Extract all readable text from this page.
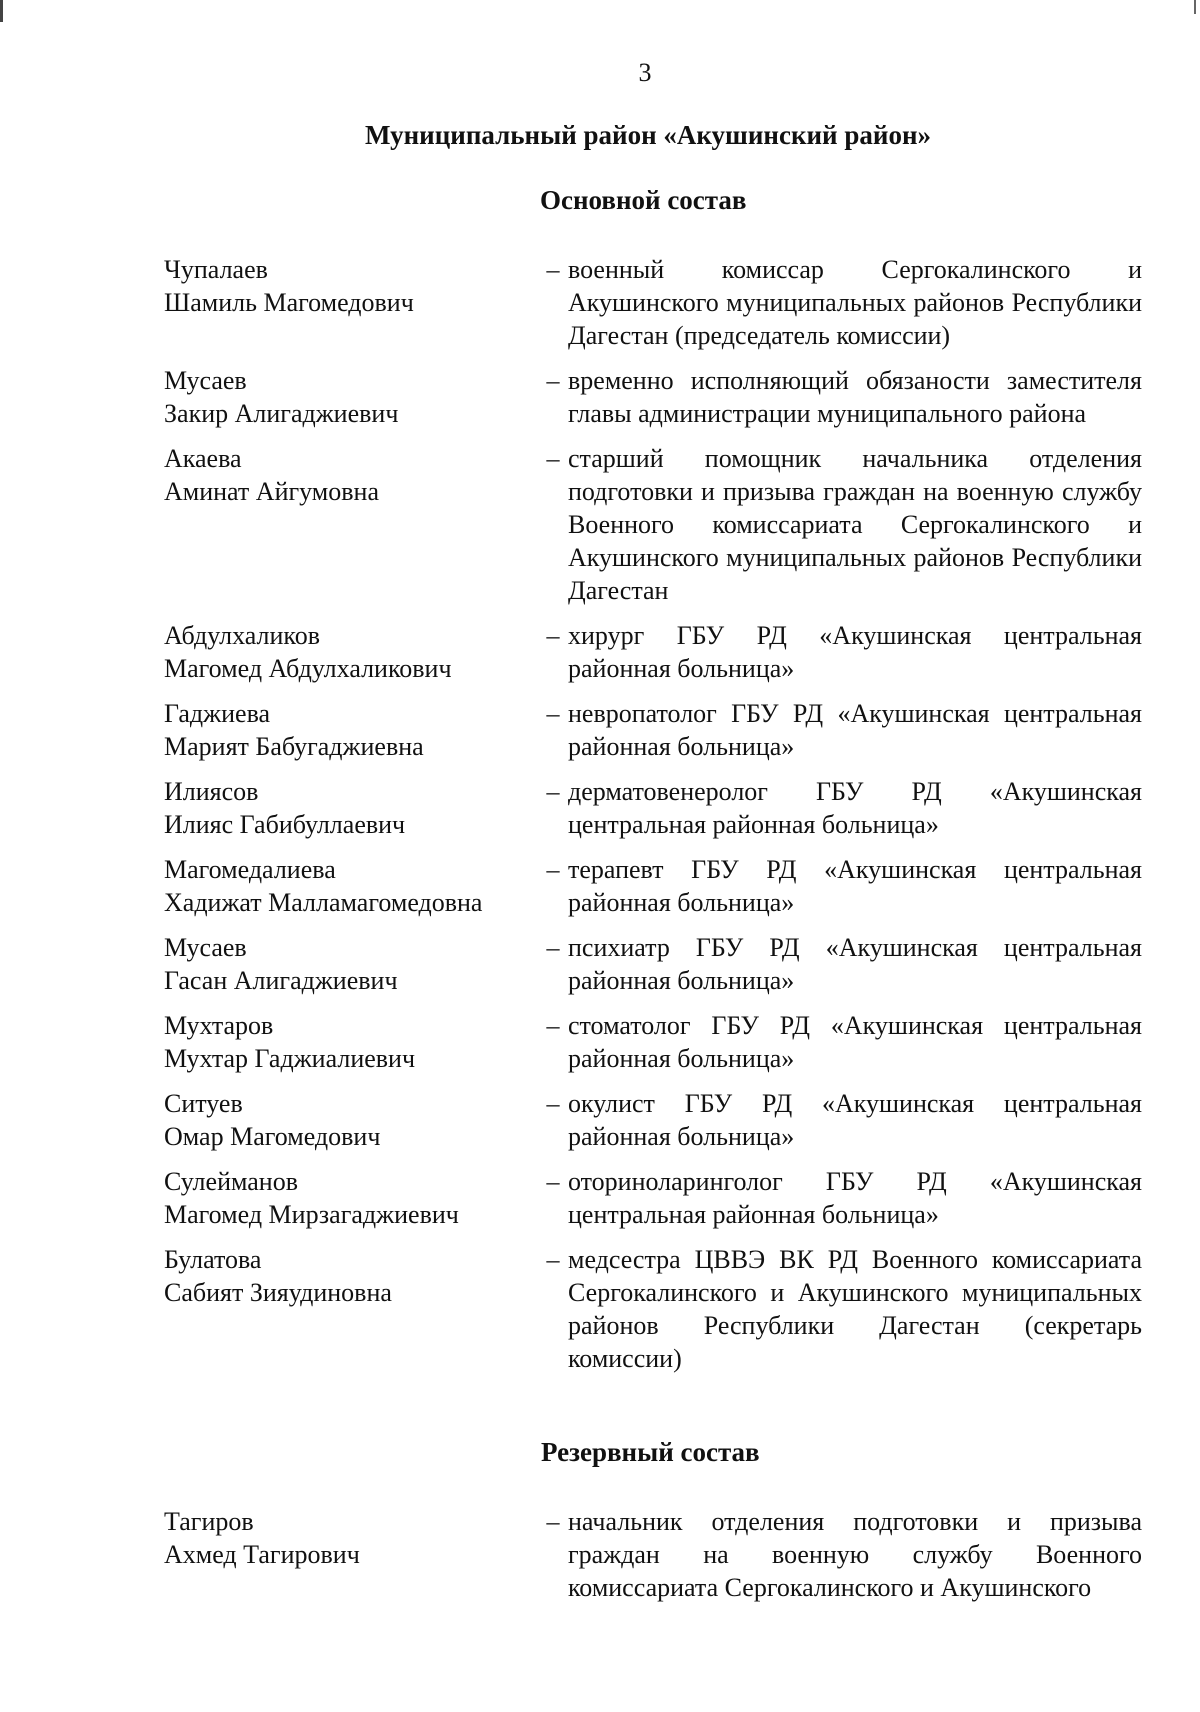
3
Муниципальный район «Акушинский район»
Основной состав
Чупалаев
Шамиль Магомедович
– военный комиссар Сергокалинского и Акушинского муниципальных районов Республики Дагестан (председатель комиссии)
Мусаев
Закир Алигаджиевич
– временно исполняющий обязаности заместителя главы администрации муниципального района
Акаева
Аминат Айгумовна
– старший помощник начальника отделения подготовки и призыва граждан на военную службу Военного комиссариата Сергокалинского и Акушинского муниципальных районов Республики Дагестан
Абдулхаликов
Магомед Абдулхаликович
– хирург ГБУ РД «Акушинская центральная районная больница»
Гаджиева
Марият Бабугаджиевна
– невропатолог ГБУ РД «Акушинская центральная районная больница»
Илиясов
Илияс Габибуллаевич
– дерматовенеролог ГБУ РД «Акушинская центральная районная больница»
Магомедалиева
Хадижат Малламагомедовна
– терапевт ГБУ РД «Акушинская центральная районная больница»
Мусаев
Гасан Алигаджиевич
– психиатр ГБУ РД «Акушинская центральная районная больница»
Мухтаров
Мухтар Гаджиалиевич
– стоматолог ГБУ РД «Акушинская центральная районная больница»
Ситуев
Омар Магомедович
– окулист ГБУ РД «Акушинская центральная районная больница»
Сулейманов
Магомед Мирзагаджиевич
– оториноларинголог ГБУ РД «Акушинская центральная районная больница»
Булатова
Сабият Зияудиновна
– медсестра ЦВВЭ ВК РД Военного комиссариата Сергокалинского и Акушинского муниципальных районов Республики Дагестан (секретарь комиссии)
Резервный состав
Тагиров
Ахмед Тагирович
– начальник отделения подготовки и призыва граждан на военную службу Военного комиссариата Сергокалинского и Акушинского
